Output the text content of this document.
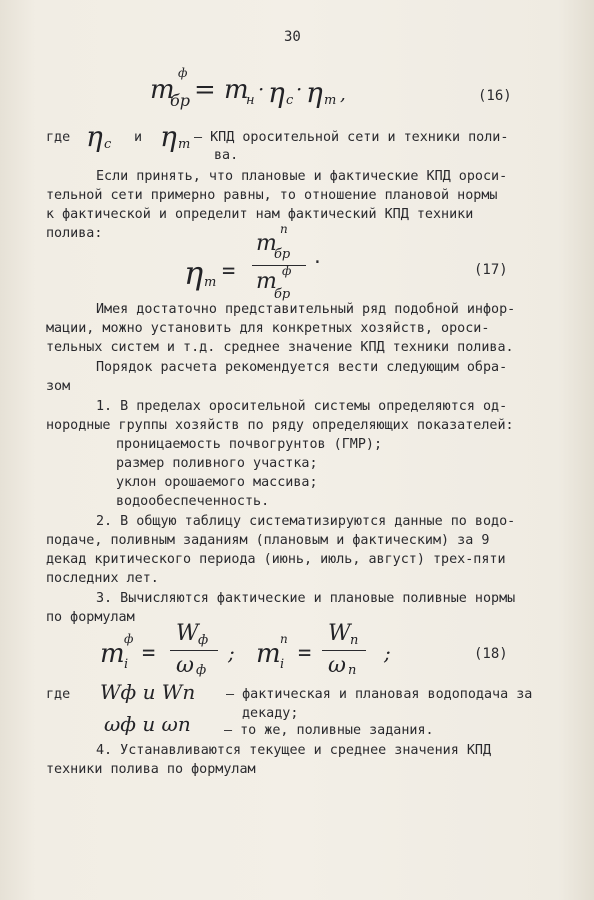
30
m
ф
бр = m
н · η с · η т ,	(16)
где η с и η т – КПД оросительной сети и техники поли-
ва.
Если принять, что плановые и фактические КПД ороси-
тельной сети примерно равны, то отношение плановой нормы
к фактической и определит нам фактический КПД техники
полива:
η т =
m
п
бр
m ф
бр
·	(17)
Имея достаточно представительный ряд подобной инфор-
мации, можно установить для конкретных хозяйств, ороси-
тельных систем и т.д. среднее значение КПД техники полива.
Порядок расчета рекомендуется вести следующим обра-
зом
1. В пределах оросительной системы определяются од-
нородные группы хозяйств по ряду определяющих показателей:
проницаемость почвогрунтов (ГМР);
размер поливного участка;
уклон орошаемого массива;
водообеспеченность.
2. В общую таблицу систематизируются данные по водо-
подаче, поливным заданиям (плановым и фактическим) за 9
декад критического периода (июнь, июль, август) трех-пяти
последних лет.
3. Вычисляются фактические и плановые поливные нормы
по формулам
m ф
i =
W ф
ω ф
; m п
i =
W п
ω п
;	(18)
где Wф и Wп – фактическая и плановая водоподача за
декаду;
ωф и ωп – то же, поливные задания.
4. Устанавливаются текущее и среднее значения КПД
техники полива по формулам
